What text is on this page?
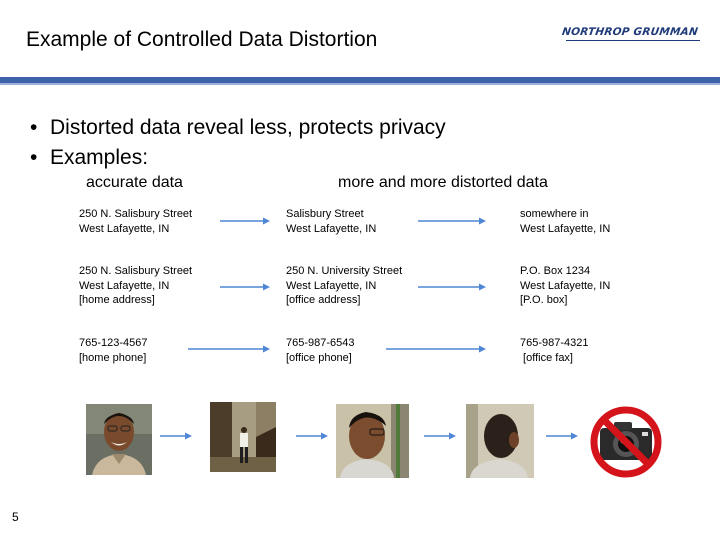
Example of Controlled Data Distortion	NORTHROP GRUMMAN
• Distorted data reveal less, protects privacy
• Examples:
accurate data	more and more distorted data
250 N. Salisbury Street
West Lafayette, IN
Salisbury Street
West Lafayette, IN
somewhere in
West Lafayette, IN
250 N. Salisbury Street
West Lafayette, IN
[home address]
250 N. University Street
West Lafayette, IN
[office address]
P.O. Box 1234
West Lafayette, IN
[P.O. box]
765-123-4567
[home phone]
765-987-6543
[office phone]
765-987-4321
[office fax]
5
